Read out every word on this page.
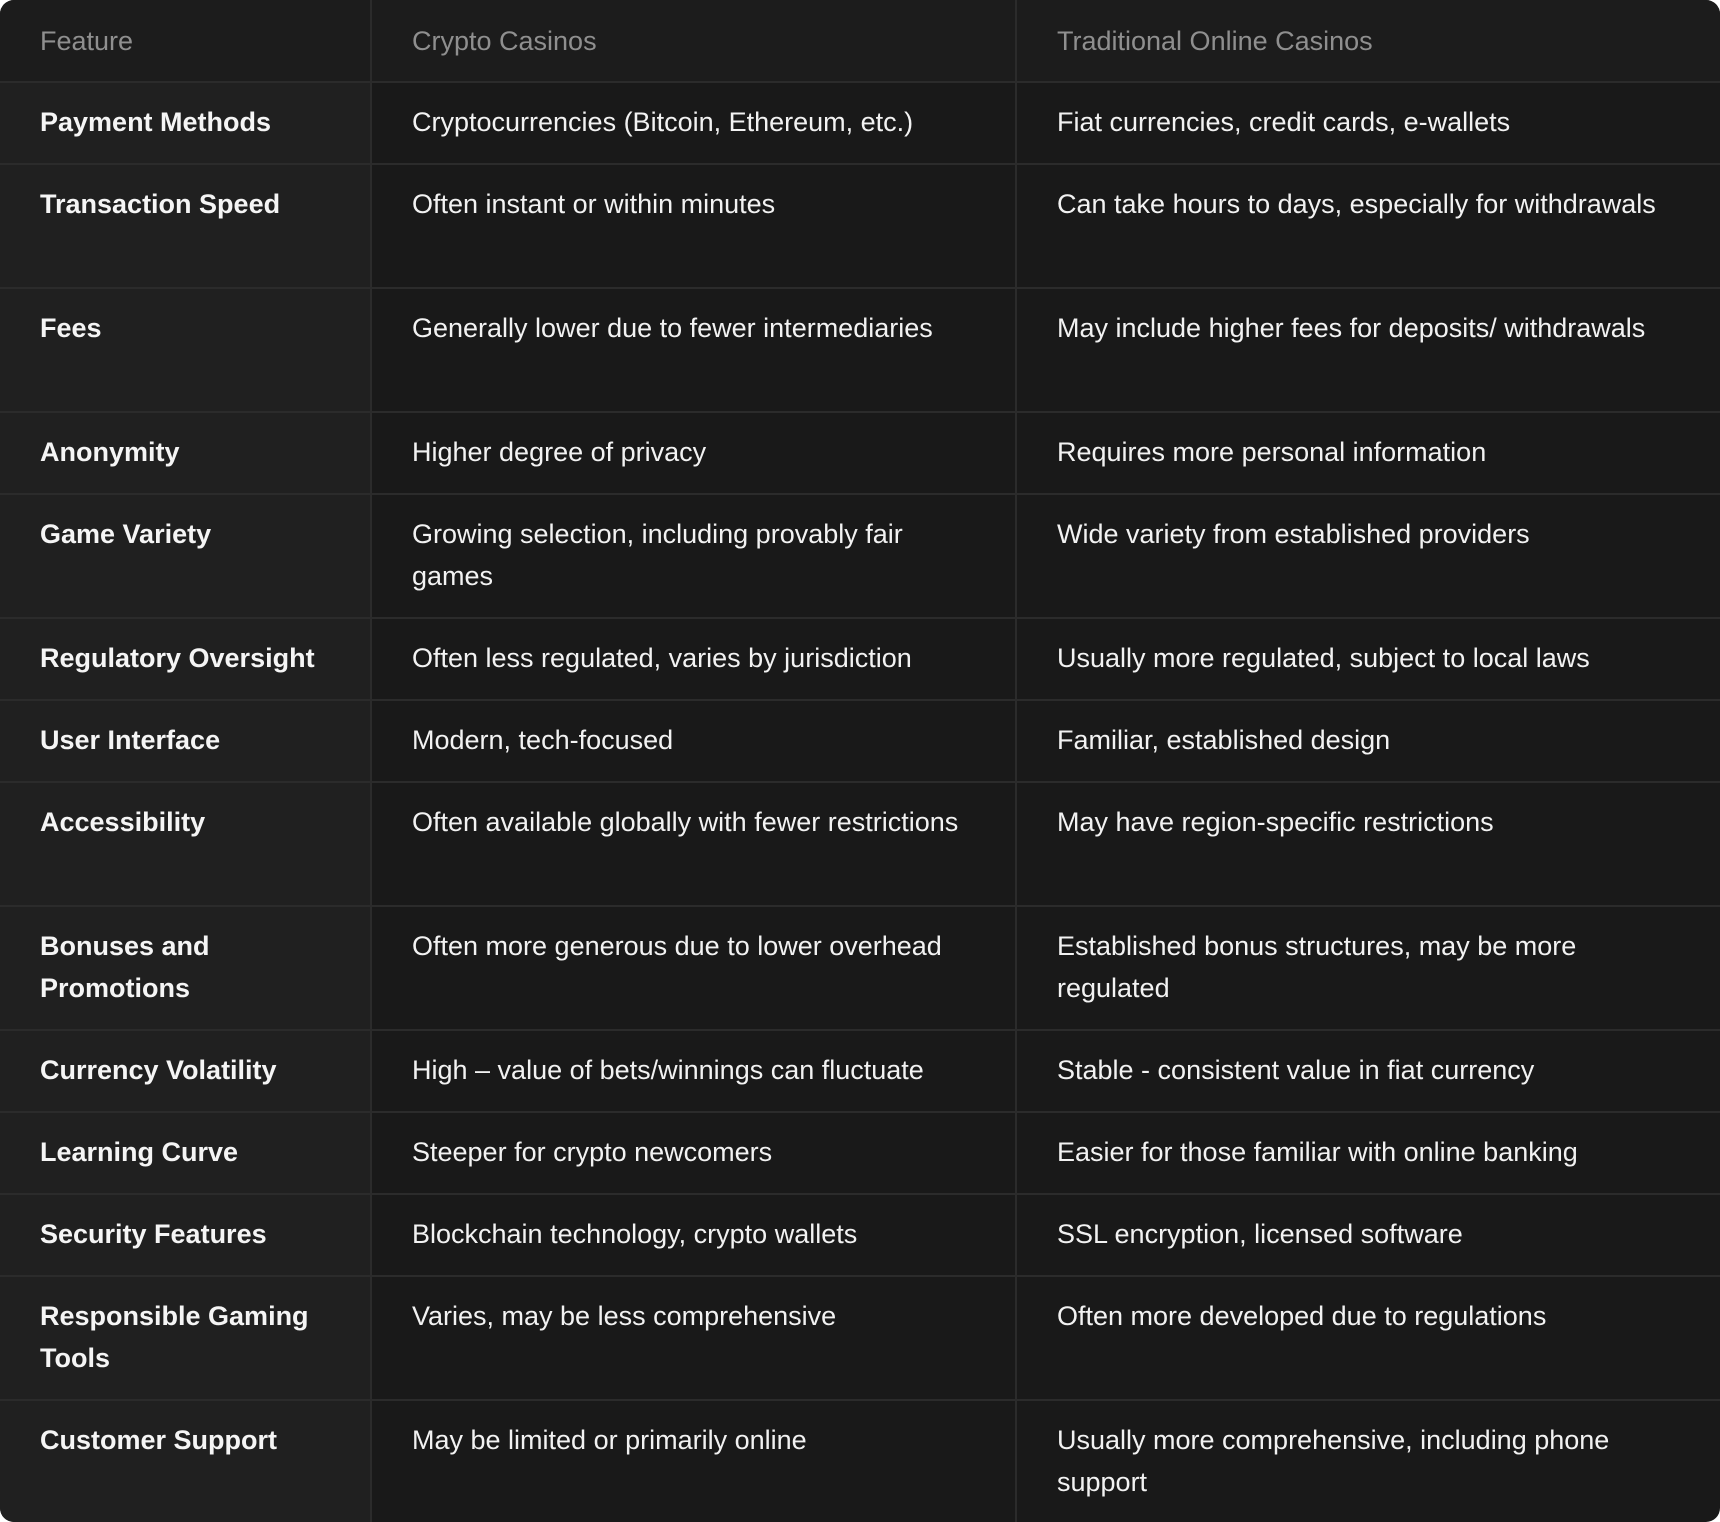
Feature	Crypto Casinos	Traditional Online Casinos
Payment Methods	Cryptocurrencies (Bitcoin, Ethereum, etc.)	Fiat currencies, credit cards, e-wallets
Transaction Speed	Often instant or within minutes	Can take hours to days, especially for withdrawals
Fees	Generally lower due to fewer intermediaries	May include higher fees for deposits/ withdrawals
Anonymity	Higher degree of privacy	Requires more personal information
Game Variety	Growing selection, including provably fair games	Wide variety from established providers
Regulatory Oversight	Often less regulated, varies by jurisdiction	Usually more regulated, subject to local laws
User Interface	Modern, tech-focused	Familiar, established design
Accessibility	Often available globally with fewer restrictions	May have region-specific restrictions
Bonuses and Promotions	Often more generous due to lower overhead	Established bonus structures, may be more regulated
Currency Volatility	High – value of bets/winnings can fluctuate	Stable - consistent value in fiat currency
Learning Curve	Steeper for crypto newcomers	Easier for those familiar with online banking
Security Features	Blockchain technology, crypto wallets	SSL encryption, licensed software
Responsible Gaming Tools	Varies, may be less comprehensive	Often more developed due to regulations
Customer Support	May be limited or primarily online	Usually more comprehensive, including phone support
